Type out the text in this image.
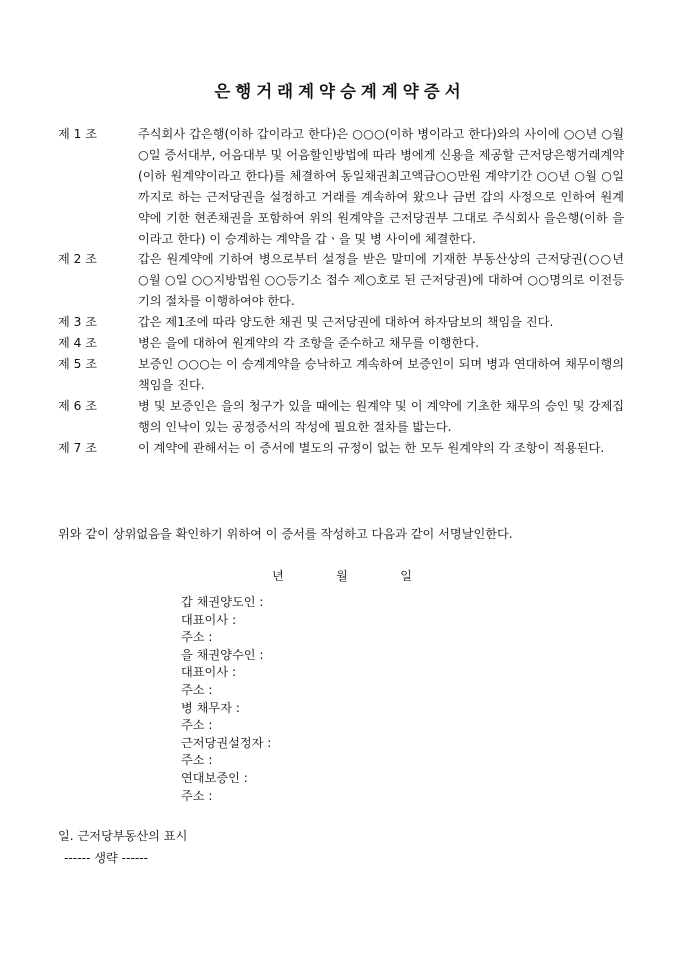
은행거래계약승계계약증서
제 1 조	주식회사 갑은행(이하 갑이라고 한다)은 ○○○(이하 병이라고 한다)와의 사이에 ○○년 ○월 ○일 증서대부, 어음대부 및 어음할인방법에 따라 병에게 신용을 제공할 근저당은행거래계약(이하 원계약이라고 한다)를 체결하여 동일채권최고액금○○만원 계약기간 ○○년 ○월 ○일까지로 하는 근저당권을 설정하고 거래를 계속하여 왔으나 금번 갑의 사정으로 인하여 원계약에 기한 현존채권을 포함하여 위의 원계약을 근저당권부 그대로 주식회사 을은행(이하 을이라고 한다) 이 승계하는 계약을 갑ㆍ을 및 병 사이에 체결한다.
제 2 조	갑은 원계약에 기하여 병으로부터 설정을 받은 말미에 기재한 부동산상의 근저당권(○○년 ○월 ○일 ○○지방법원 ○○등기소 접수 제○호로 된 근저당권)에 대하여 ○○명의로 이전등기의 절차를 이행하여야 한다.
제 3 조	갑은 제1조에 따라 양도한 채권 및 근저당권에 대하여 하자담보의 책임을 진다.
제 4 조	병은 을에 대하여 원계약의 각 조항을 준수하고 채무를 이행한다.
제 5 조	보증인 ○○○는 이 승계계약을 승낙하고 계속하여 보증인이 되며 병과 연대하여 채무이행의 책임을 진다.
제 6 조	병 및 보증인은 을의 청구가 있을 때에는 원계약 및 이 계약에 기초한 채무의 승인 및 강제집행의 인낙이 있는 공정증서의 작성에 필요한 절차를 밟는다.
제 7 조	이 계약에 관해서는 이 증서에 별도의 규정이 없는 한 모두 원계약의 각 조항이 적용된다.
위와 같이 상위없음을 확인하기 위하여 이 증서를 작성하고 다음과 같이 서명날인한다.
년	월	일
갑 채권양도인 :
대표이사 :
주소 :
을 채권양수인 :
대표이사 :
주소 :
병 채무자 :
주소 :
근저당권설정자 :
주소 :
연대보증인 :
주소 :
일. 근저당부동산의 표시
------ 생략 ------
